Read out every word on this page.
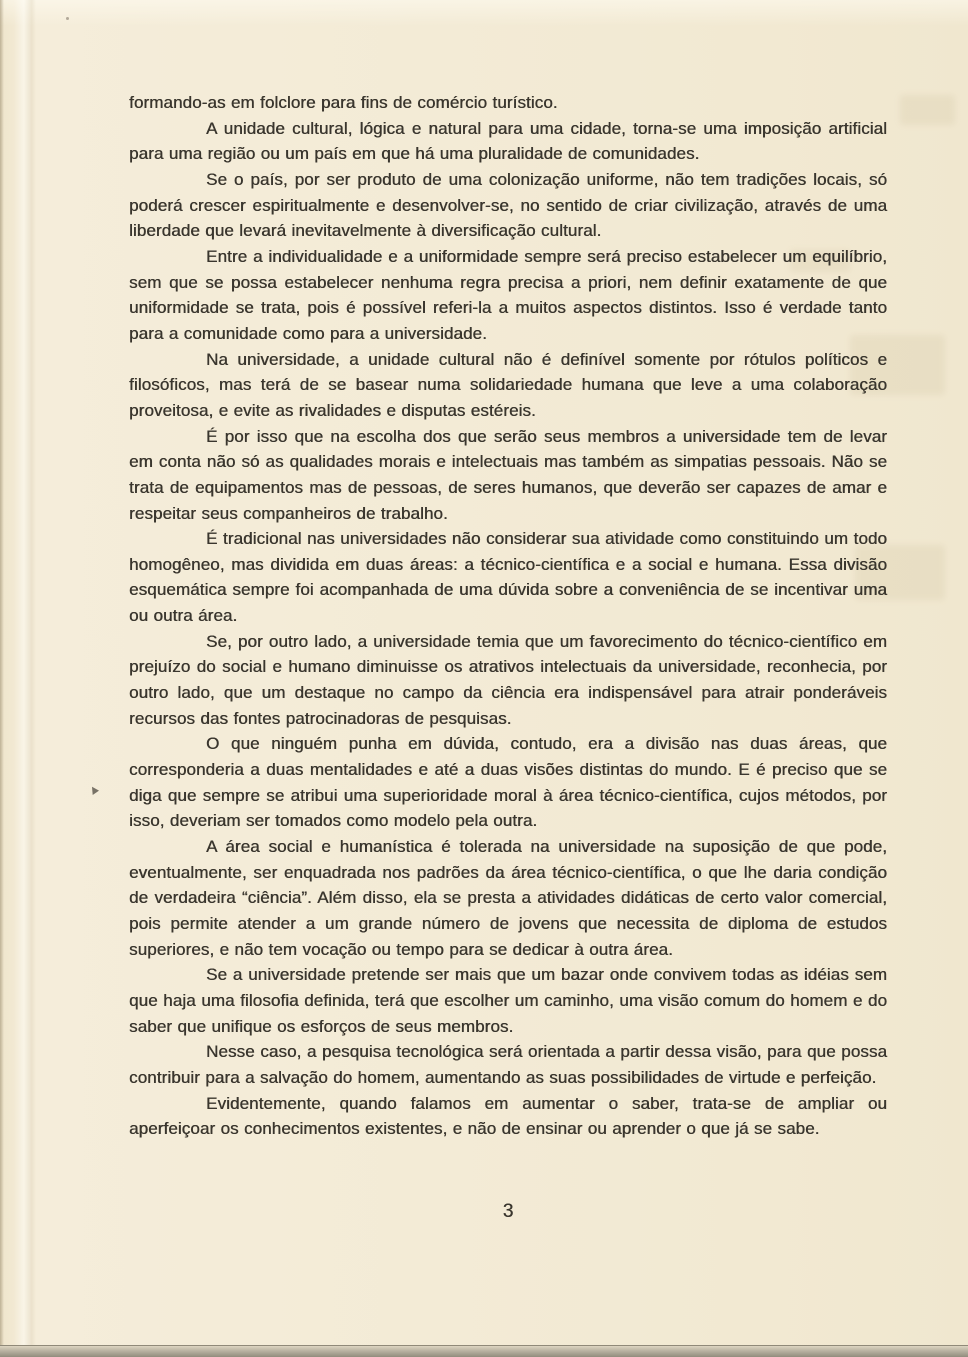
formando-as em folclore para fins de comércio turístico.

A unidade cultural, lógica e natural para uma cidade, torna-se uma imposição artificial para uma região ou um país em que há uma pluralidade de comunidades.

Se o país, por ser produto de uma colonização uniforme, não tem tradições locais, só poderá crescer espiritualmente e desenvolver-se, no sentido de criar civilização, através de uma liberdade que levará inevitavelmente à diversificação cultural.

Entre a individualidade e a uniformidade sempre será preciso estabelecer um equilíbrio, sem que se possa estabelecer nenhuma regra precisa a priori, nem definir exatamente de que uniformidade se trata, pois é possível referi-la a muitos aspectos distintos. Isso é verdade tanto para a comunidade como para a universidade.

Na universidade, a unidade cultural não é definível somente por rótulos políticos e filosóficos, mas terá de se basear numa solidariedade humana que leve a uma colaboração proveitosa, e evite as rivalidades e disputas estéreis.

É por isso que na escolha dos que serão seus membros a universidade tem de levar em conta não só as qualidades morais e intelectuais mas também as simpatias pessoais. Não se trata de equipamentos mas de pessoas, de seres humanos, que deverão ser capazes de amar e respeitar seus companheiros de trabalho.

É tradicional nas universidades não considerar sua atividade como constituindo um todo homogêneo, mas dividida em duas áreas: a técnico-científica e a social e humana. Essa divisão esquemática sempre foi acompanhada de uma dúvida sobre a conveniência de se incentivar uma ou outra área.

Se, por outro lado, a universidade temia que um favorecimento do técnico-científico em prejuízo do social e humano diminuisse os atrativos intelectuais da universidade, reconhecia, por outro lado, que um destaque no campo da ciência era indispensável para atrair ponderáveis recursos das fontes patrocinadoras de pesquisas.

O que ninguém punha em dúvida, contudo, era a divisão nas duas áreas, que corresponderia a duas mentalidades e até a duas visões distintas do mundo. E é preciso que se diga que sempre se atribui uma superioridade moral à área técnico-científica, cujos métodos, por isso, deveriam ser tomados como modelo pela outra.

A área social e humanística é tolerada na universidade na suposição de que pode, eventualmente, ser enquadrada nos padrões da área técnico-científica, o que lhe daria condição de verdadeira “ciência”. Além disso, ela se presta a atividades didáticas de certo valor comercial, pois permite atender a um grande número de jovens que necessita de diploma de estudos superiores, e não tem vocação ou tempo para se dedicar à outra área.

Se a universidade pretende ser mais que um bazar onde convivem todas as idéias sem que haja uma filosofia definida, terá que escolher um caminho, uma visão comum do homem e do saber que unifique os esforços de seus membros.

Nesse caso, a pesquisa tecnológica será orientada a partir dessa visão, para que possa contribuir para a salvação do homem, aumentando as suas possibilidades de virtude e perfeição.

Evidentemente, quando falamos em aumentar o saber, trata-se de ampliar ou aperfeiçoar os conhecimentos existentes, e não de ensinar ou aprender o que já se sabe.

3
